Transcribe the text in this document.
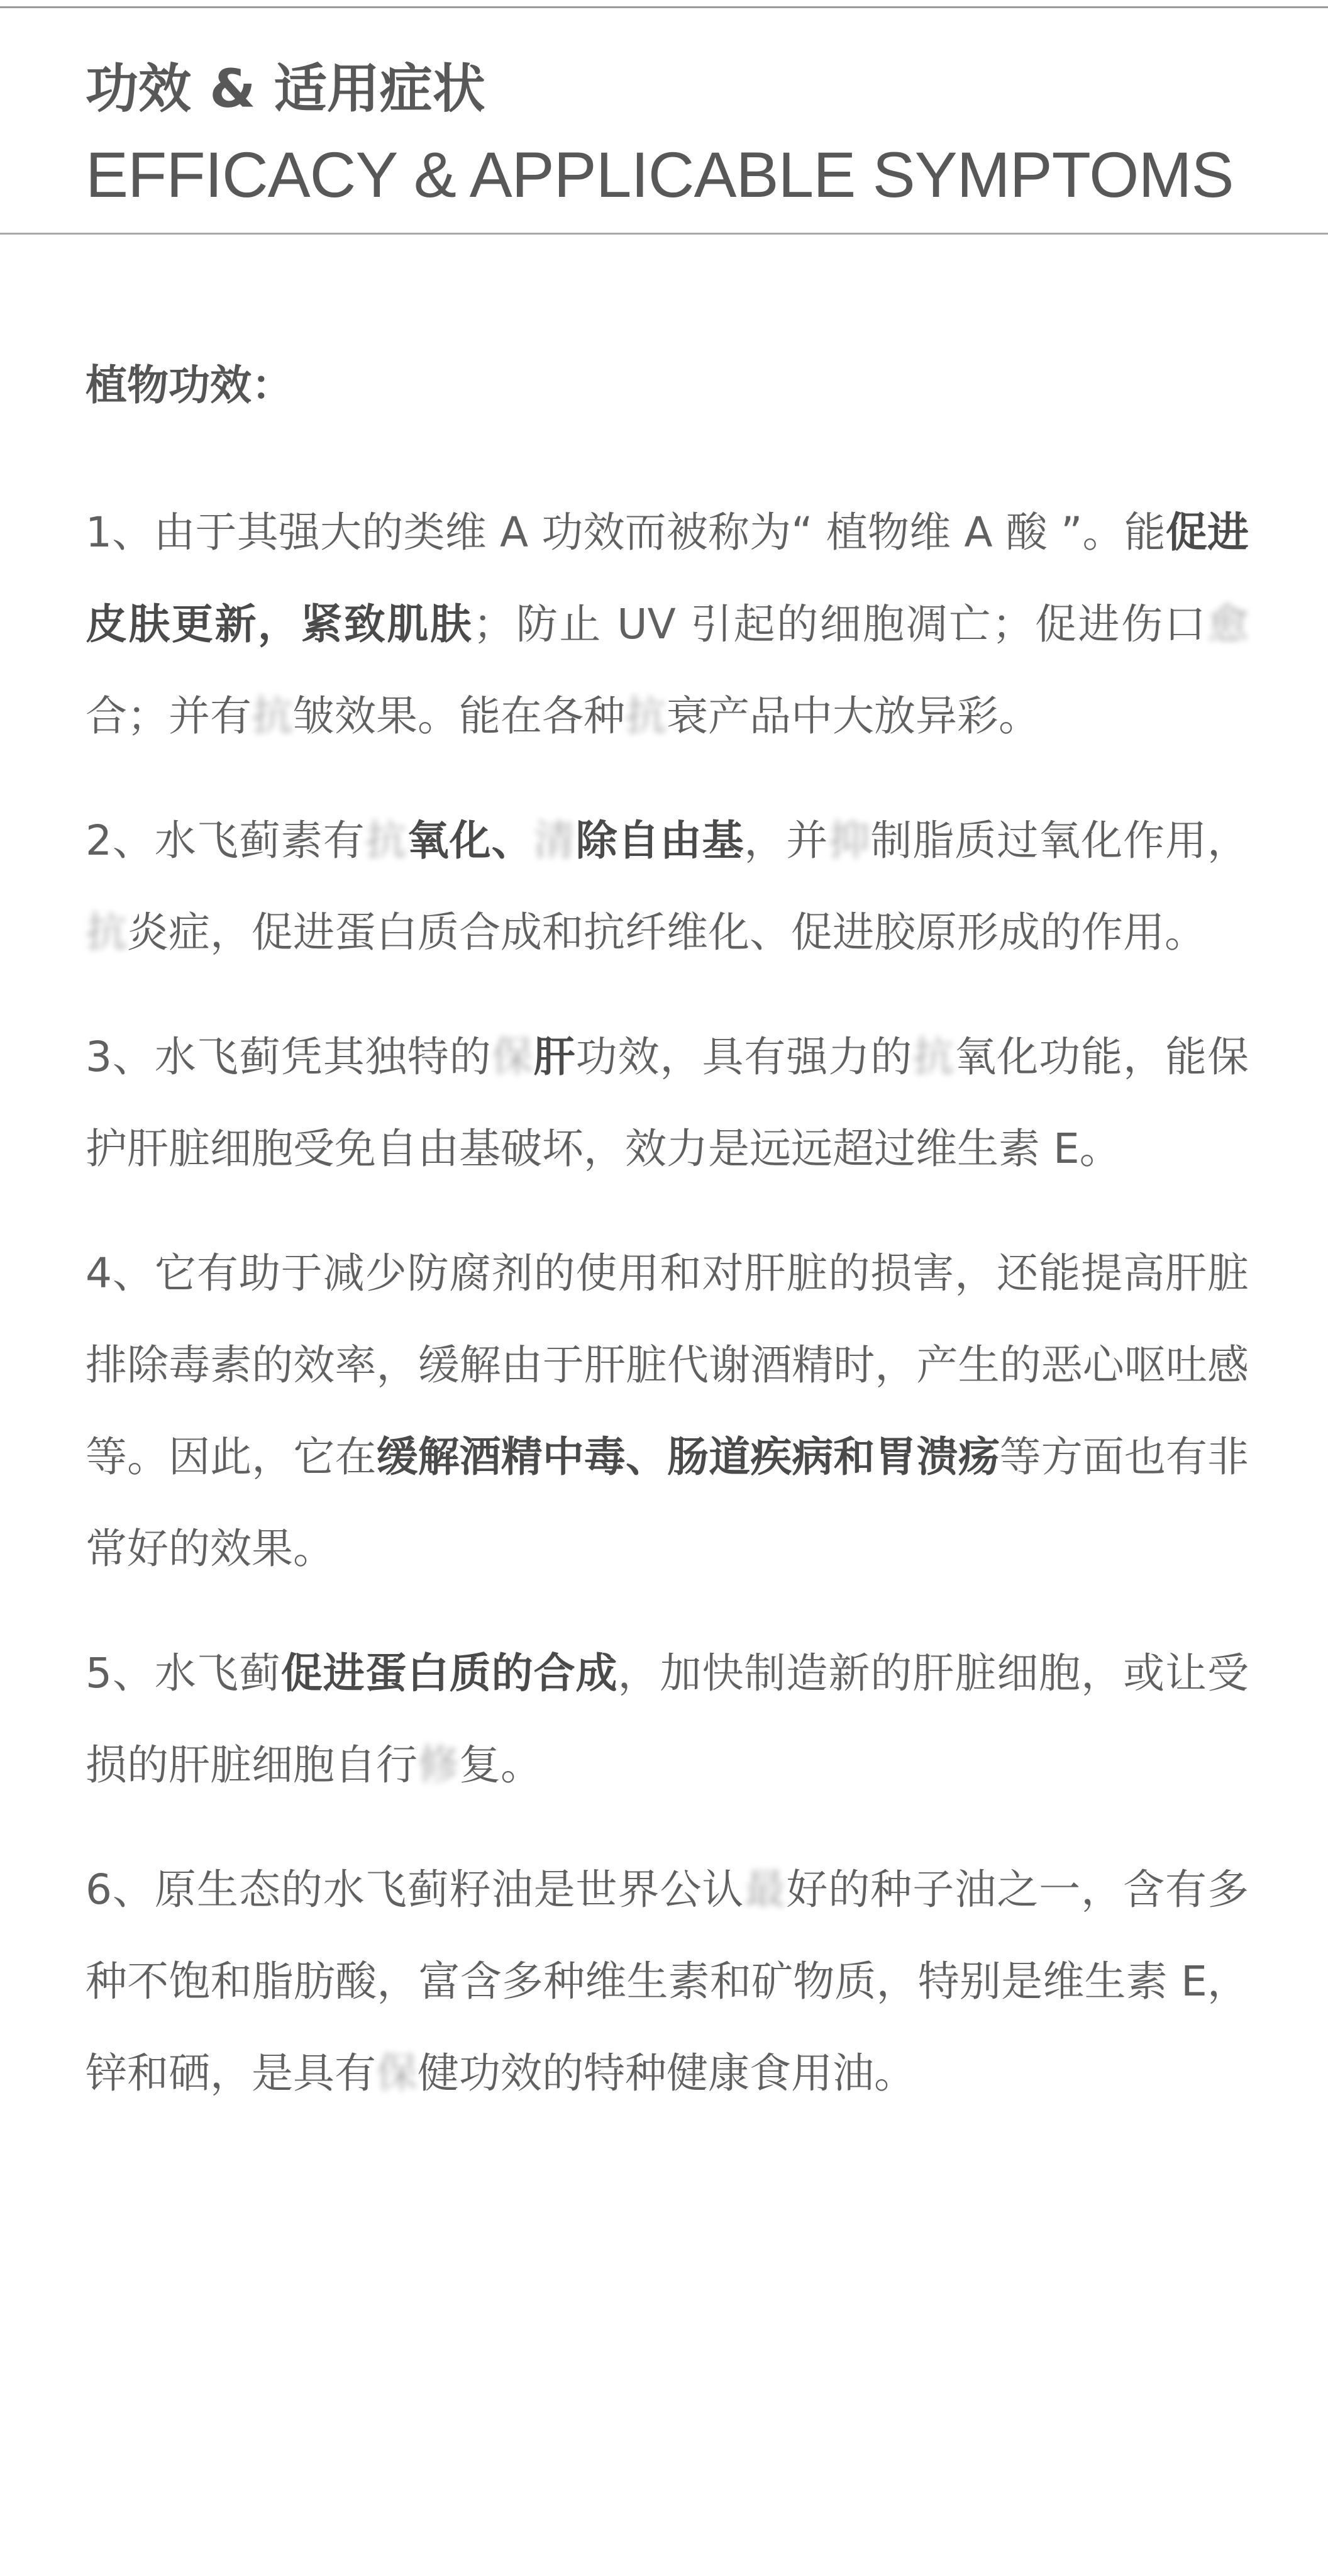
功效 & 适用症状
EFFICACY & APPLICABLE SYMPTOMS
植物功效：

1、由于其强大的类维 A 功效而被称为“ 植物维 A 酸 ”。能促进皮肤更新，紧致肌肤；防止 UV 引起的细胞凋亡；促进伤口愈合；并有抗皱效果。能在各种抗衰产品中大放异彩。

2、水飞蓟素有抗氧化、清除自由基，并抑制脂质过氧化作用，抗炎症，促进蛋白质合成和抗纤维化、促进胶原形成的作用。

3、水飞蓟凭其独特的保肝功效，具有强力的抗氧化功能，能保护肝脏细胞受免自由基破坏，效力是远远超过维生素 E。

4、它有助于减少防腐剂的使用和对肝脏的损害，还能提高肝脏排除毒素的效率，缓解由于肝脏代谢酒精时，产生的恶心呕吐感等。因此，它在缓解酒精中毒、肠道疾病和胃溃疡等方面也有非常好的效果。

5、水飞蓟促进蛋白质的合成，加快制造新的肝脏细胞，或让受损的肝脏细胞自行修复。

6、原生态的水飞蓟籽油是世界公认最好的种子油之一，含有多种不饱和脂肪酸，富含多种维生素和矿物质，特别是维生素 E，锌和硒，是具有保健功效的特种健康食用油。
